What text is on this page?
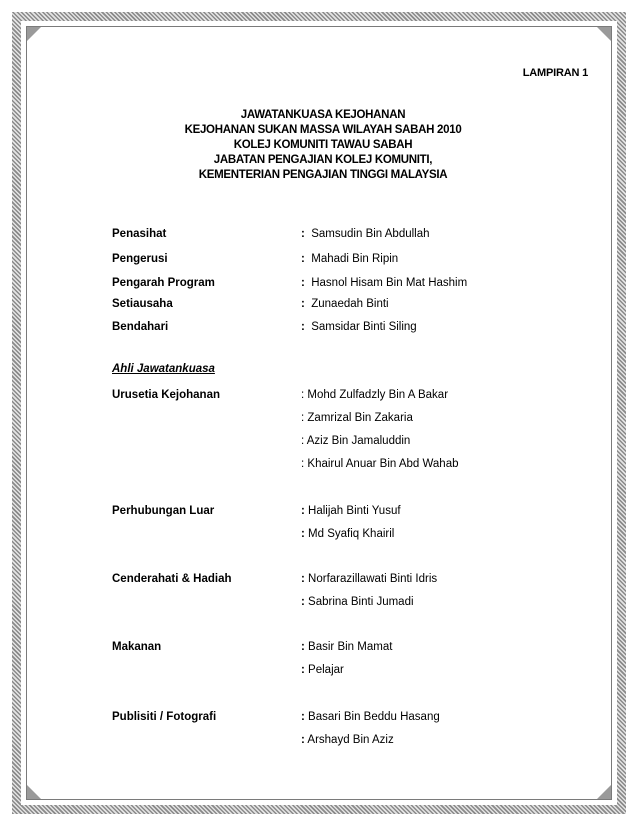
LAMPIRAN 1
JAWATANKUASA KEJOHANAN
KEJOHANAN SUKAN MASSA WILAYAH SABAH 2010
KOLEJ KOMUNITI TAWAU SABAH
JABATAN PENGAJIAN KOLEJ KOMUNITI,
KEMENTERIAN PENGAJIAN TINGGI MALAYSIA
Penasihat	: Samsudin Bin Abdullah
Pengerusi	: Mahadi Bin Ripin
Pengarah Program	: Hasnol Hisam Bin Mat Hashim
Setiausaha	: Zunaedah Binti
Bendahari	: Samsidar Binti Siling
Ahli Jawatankuasa
Urusetia Kejohanan	: Mohd Zulfadzly Bin A Bakar
: Zamrizal Bin Zakaria
: Aziz Bin Jamaluddin
: Khairul Anuar Bin Abd Wahab
Perhubungan Luar	: Halijah Binti Yusuf
: Md Syafiq Khairil
Cenderahati & Hadiah	: Norfarazillawati Binti Idris
: Sabrina Binti Jumadi
Makanan	: Basir Bin Mamat
: Pelajar
Publisiti / Fotografi	: Basari Bin Beddu Hasang
: Arshayd Bin Aziz
